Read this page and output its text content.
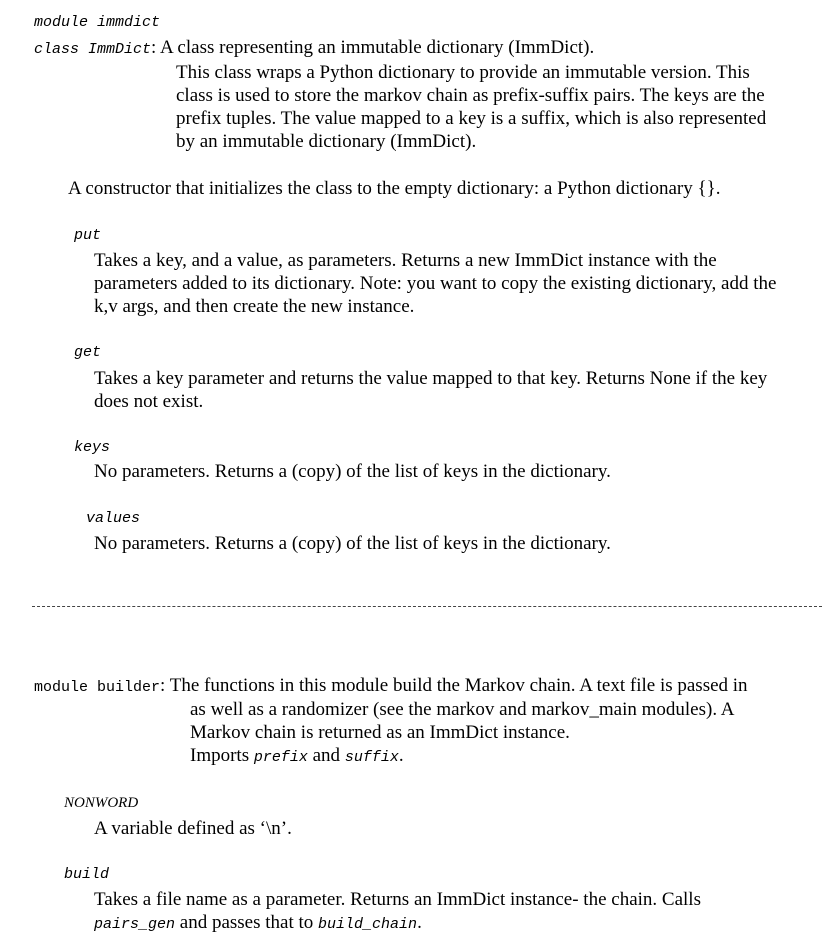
module immdict
class ImmDict: A class representing an immutable dictionary (ImmDict).
This class wraps a Python dictionary to provide an immutable version. This
class is used to store the markov chain as prefix-suffix pairs. The keys are the
prefix tuples. The value mapped to a key is a suffix, which is also represented
by an immutable dictionary (ImmDict).
A constructor that initializes the class to the empty dictionary: a Python dictionary {}.
put
Takes a key, and a value, as parameters. Returns a new ImmDict instance with the
parameters added to its dictionary. Note: you want to copy the existing dictionary, add the
k,v args, and then create the new instance.
get
Takes a key parameter and returns the value mapped to that key. Returns None if the key
does not exist.
keys
No parameters. Returns a (copy) of the list of keys in the dictionary.
values
No parameters. Returns a (copy) of the list of keys in the dictionary.
module builder: The functions in this module build the Markov chain. A text file is passed in
as well as a randomizer (see the markov and markov_main modules). A
Markov chain is returned as an ImmDict instance.
Imports prefix and suffix.
NONWORD
A variable defined as ‘\n’.
build
Takes a file name as a parameter. Returns an ImmDict instance- the chain. Calls
pairs_gen and passes that to build_chain.
